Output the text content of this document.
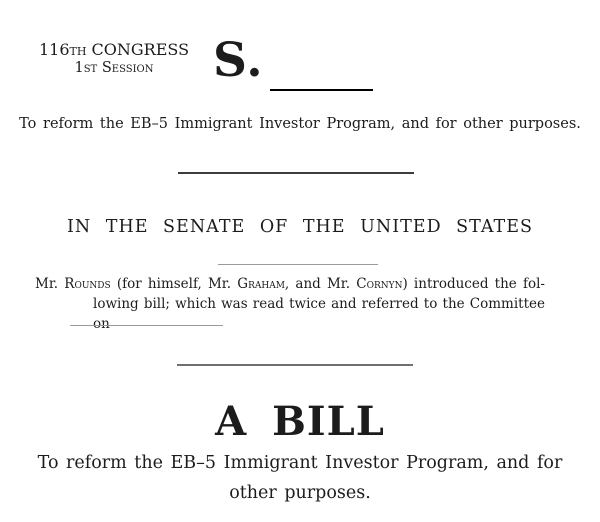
116th CONGRESS
1st Session	S.
To reform the EB–5 Immigrant Investor Program, and for other purposes.
IN THE SENATE OF THE UNITED STATES
Mr. Rounds (for himself, Mr. Graham, and Mr. Cornyn) introduced the fol-
lowing bill; which was read twice and referred to the Committee on
A BILL
To reform the EB–5 Immigrant Investor Program, and for
other purposes.
